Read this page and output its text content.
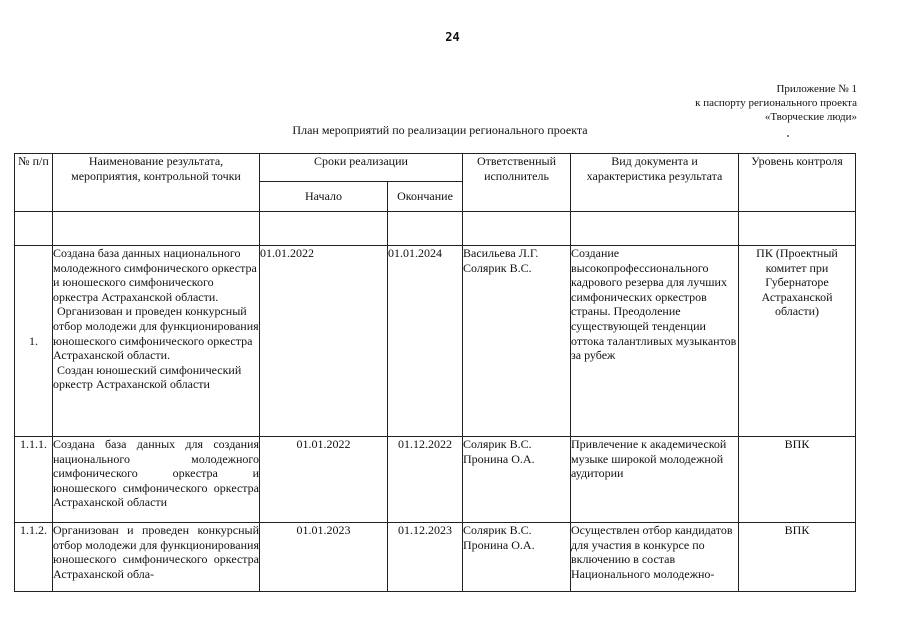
24
Приложение № 1
к паспорту регионального проекта
«Творческие люди»
План мероприятий по реализации регионального проекта
№ п/п	Наименование результата, мероприятия, контрольной точки	Сроки реализации		Ответственный исполнитель	Вид документа и характеристика результата	Уровень контроля
		Начало	Окончание			

1.	Создана база данных национального молодежного симфонического оркестра и юношеского симфонического оркестра Астраханской области.
Организован и проведен конкурсный отбор молодежи для функционирования юношеского симфонического оркестра Астраханской области.
Создан юношеский симфонический оркестр Астраханской области	01.01.2022	01.01.2024	Васильева Л.Г. Солярик В.С.	Создание высокопрофессионального кадрового резерва для лучших симфонических оркестров страны. Преодоление существующей тенденции оттока талантливых музыкантов за рубеж	ПК (Проектный комитет при Губернаторе Астраханской области)
1.1.1.	Создана база данных для создания национального молодежного симфонического оркестра и юношеского симфонического оркестра Астраханской области	01.01.2022	01.12.2022	Солярик В.С. Пронина О.А.	Привлечение к академической музыке широкой молодежной аудитории	ВПК
1.1.2.	Организован и проведен конкурсный отбор молодежи для функционирования юношеского симфонического оркестра Астраханской обла-	01.01.2023	01.12.2023	Солярик В.С. Пронина О.А.	Осуществлен отбор кандидатов для участия в конкурсе по включению в состав Национального молодежно-	ВПК
